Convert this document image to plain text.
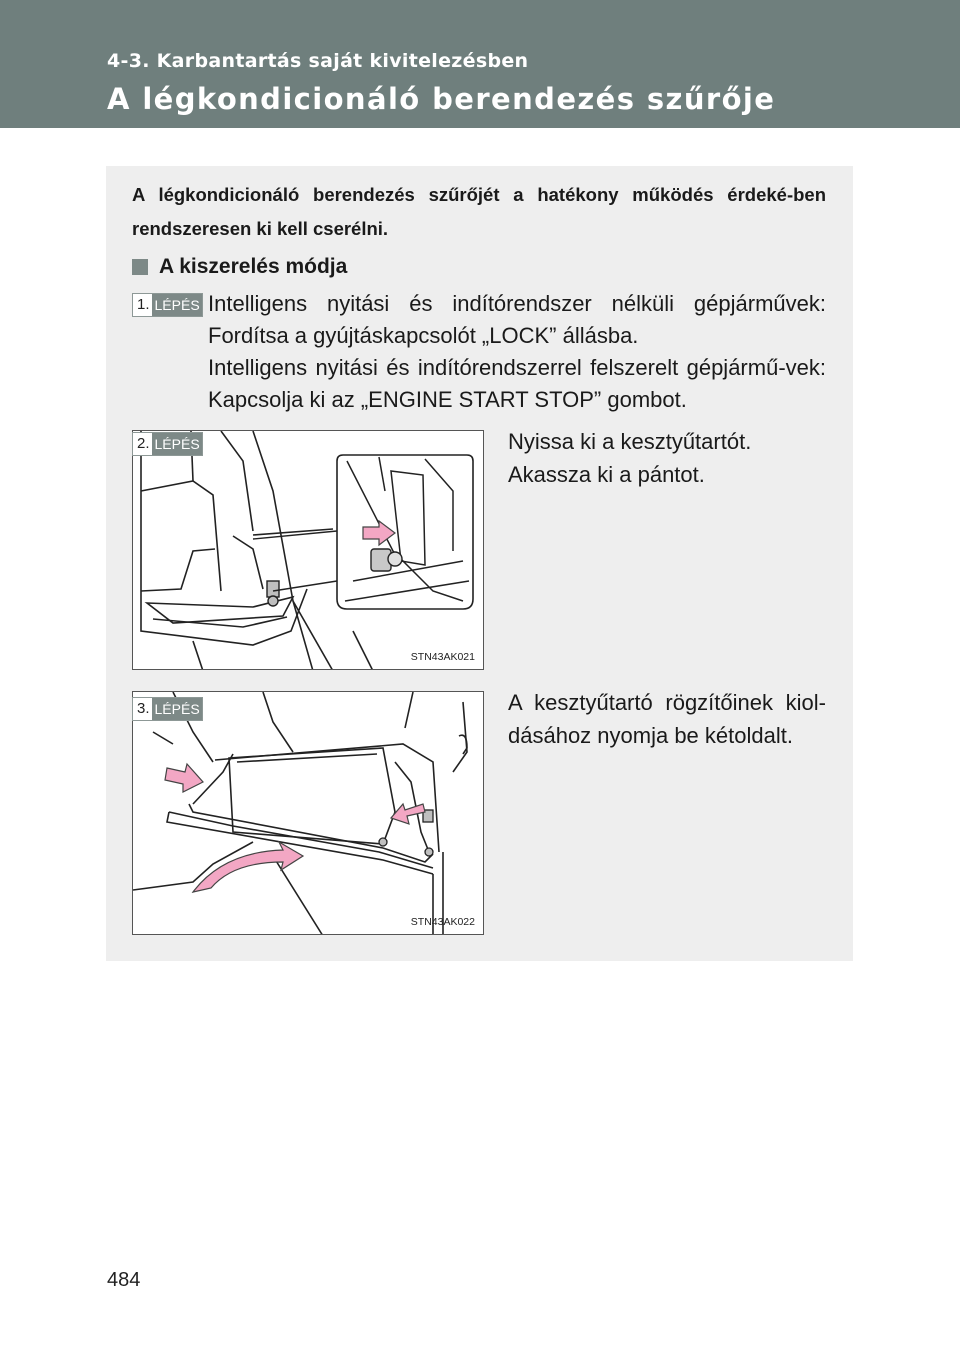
4-3. Karbantartás saját kivitelezésben
A légkondicionáló berendezés szűrője
A légkondicionáló berendezés szűrőjét a hatékony működés érdeké-ben rendszeresen ki kell cserélni.
A kiszerelés módja
1. LÉPÉS Intelligens nyitási és indítórendszer nélküli gépjárművek: Fordítsa a gyújtáskapcsolót „LOCK” állásba.

Intelligens nyitási és indítórendszerrel felszerelt gépjármű-vek: Kapcsolja ki az „ENGINE START STOP” gombot.

STN43AK021
2. LÉPÉS	Nyissa ki a kesztyűtartót.

Akassza ki a pántot.

STN43AK022
3. LÉPÉS	A kesztyűtartó rögzítőinek kiol-dásához nyomja be kétoldalt.
484
